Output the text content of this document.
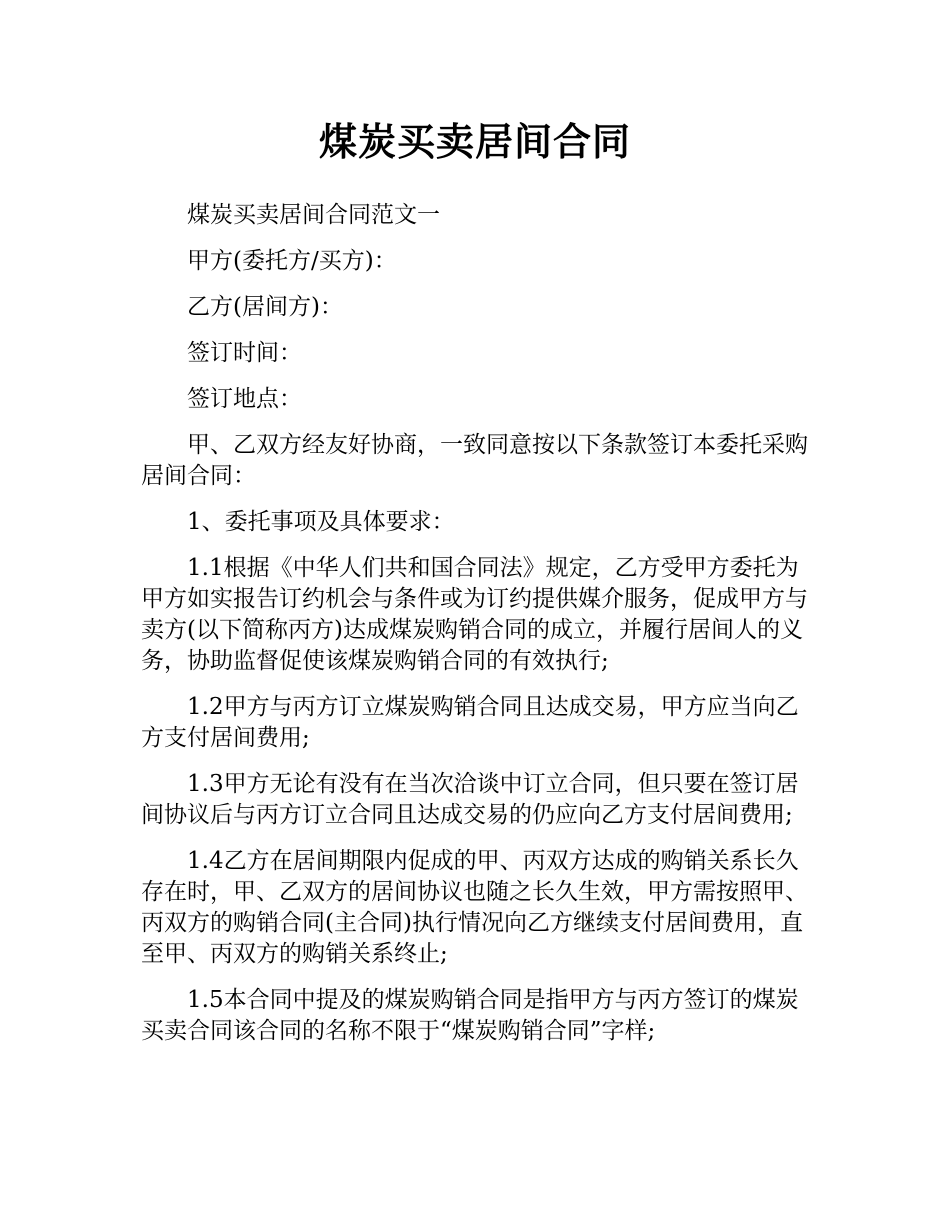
煤炭买卖居间合同

煤炭买卖居间合同范文一

甲方(委托方/买方)：

乙方(居间方)：

签订时间：

签订地点：

甲、乙双方经友好协商，一致同意按以下条款签订本委托采购居间合同：

1、委托事项及具体要求：

1.1根据《中华人们共和国合同法》规定，乙方受甲方委托为甲方如实报告订约机会与条件或为订约提供媒介服务，促成甲方与卖方(以下简称丙方)达成煤炭购销合同的成立，并履行居间人的义务，协助监督促使该煤炭购销合同的有效执行;

1.2甲方与丙方订立煤炭购销合同且达成交易，甲方应当向乙方支付居间费用;

1.3甲方无论有没有在当次洽谈中订立合同，但只要在签订居间协议后与丙方订立合同且达成交易的仍应向乙方支付居间费用;

1.4乙方在居间期限内促成的甲、丙双方达成的购销关系长久存在时，甲、乙双方的居间协议也随之长久生效，甲方需按照甲、丙双方的购销合同(主合同)执行情况向乙方继续支付居间费用，直至甲、丙双方的购销关系终止;

1.5本合同中提及的煤炭购销合同是指甲方与丙方签订的煤炭买卖合同该合同的名称不限于“煤炭购销合同”字样;
